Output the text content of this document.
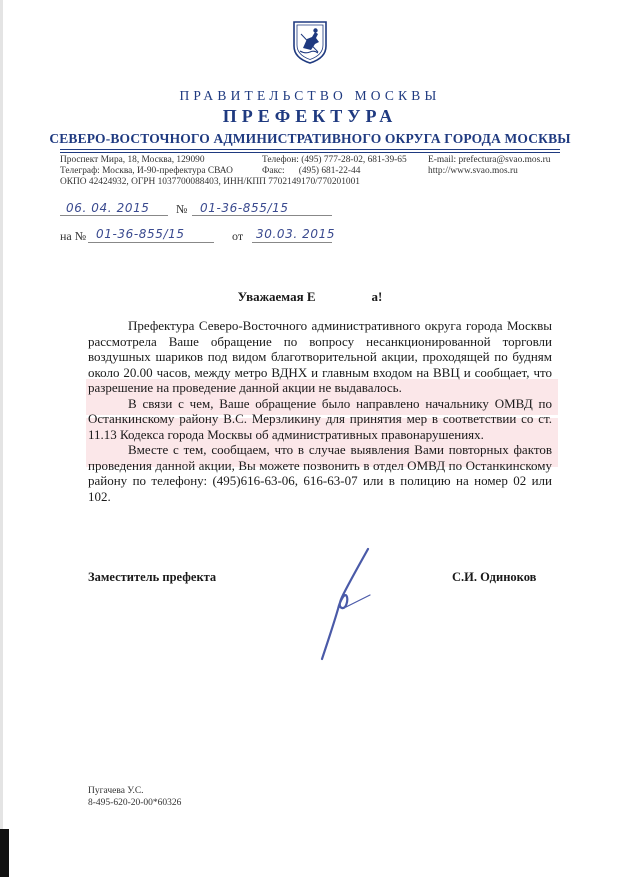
ПРАВИТЕЛЬСТВО МОСКВЫ
ПРЕФЕКТУРА
СЕВЕРО-ВОСТОЧНОГО АДМИНИСТРАТИВНОГО ОКРУГА ГОРОДА МОСКВЫ
Проспект Мира, 18, Москва, 129090
Телеграф: Москва, И-90-префектура СВАО
ОКПО 42424932, ОГРН 1037700088403, ИНН/КПП 7702149170/770201001
Телефон: (495) 777-28-02, 681-39-65
Факс:      (495) 681-22-44
E-mail: prefectura@svao.mos.ru
http://www.svao.mos.ru
06. 04. 2015 № 01-36-855/15
на № 01-36-855/15	от 30.03. 2015
Уважаемая Е	а!

Префектура Северо-Восточного административного округа города Москвы рассмотрела Ваше обращение по вопросу несанкционированной торговли воздушных шариков под видом благотворительной акции, проходящей по будням около 20.00 часов, между метро ВДНХ и главным входом на ВВЦ и сообщает, что разрешение на проведение данной акции не выдавалось.

В связи с чем, Ваше обращение было направлено начальнику ОМВД по Останкинскому району В.С. Мерзликину для принятия мер в соответствии со ст. 11.13 Кодекса города Москвы об административных правонарушениях.

Вместе с тем, сообщаем, что в случае выявления Вами повторных фактов проведения данной акции, Вы можете позвонить в отдел ОМВД по Останкинскому району по телефону: (495)616-63-06, 616-63-07 или в полицию на номер 02 или 102.

Заместитель префекта	С.И. Одиноков
Пугачева У.С.
8-495-620-20-00*60326
